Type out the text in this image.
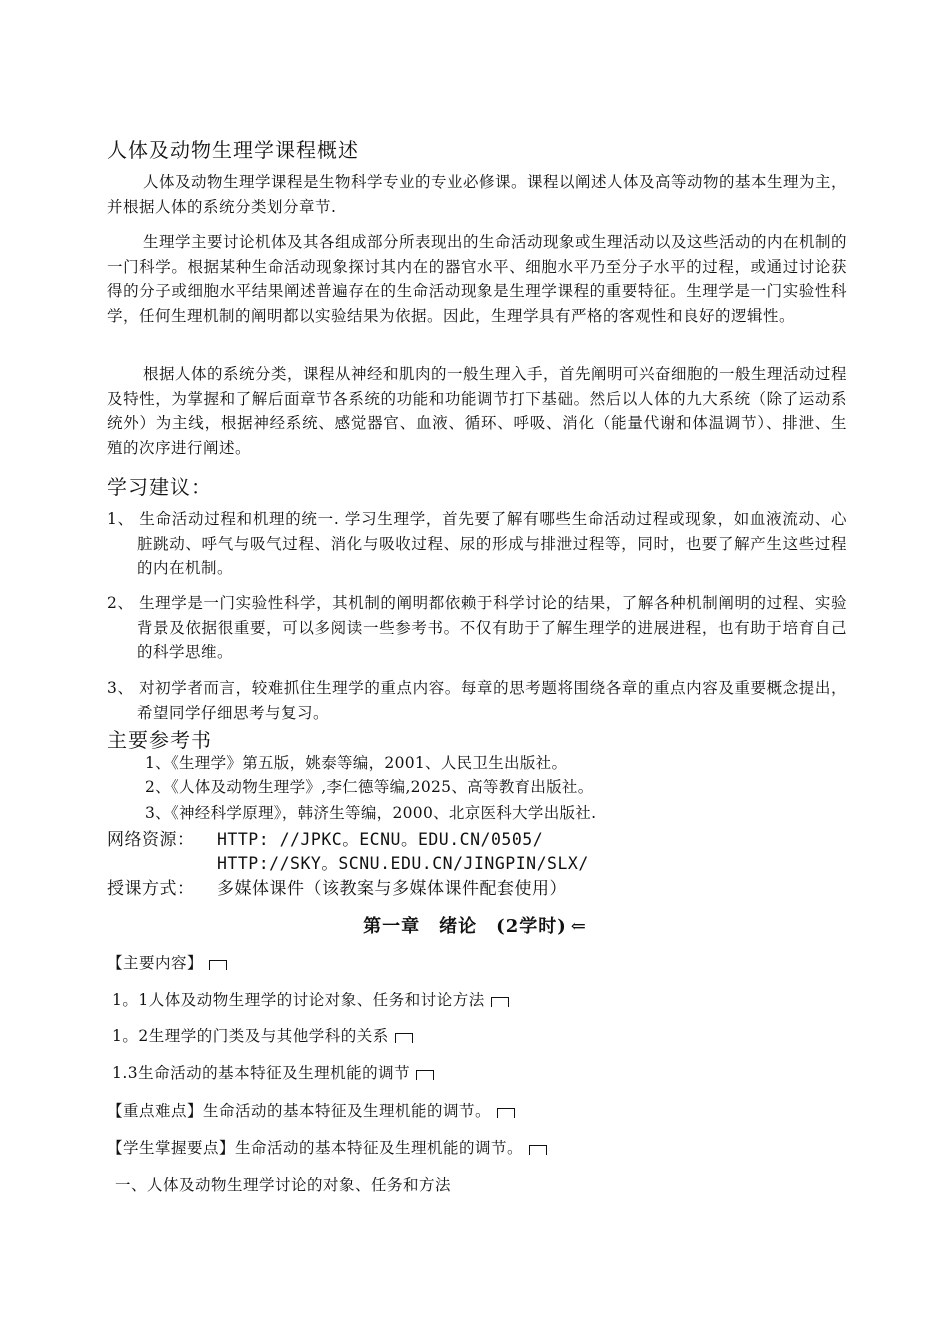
人体及动物生理学课程概述
人体及动物生理学课程是生物科学专业的专业必修课。课程以阐述人体及高等动物的基本生理为主，并根据人体的系统分类划分章节.
生理学主要讨论机体及其各组成部分所表现出的生命活动现象或生理活动以及这些活动的内在机制的一门科学。根据某种生命活动现象探讨其内在的器官水平、细胞水平乃至分子水平的过程，或通过讨论获得的分子或细胞水平结果阐述普遍存在的生命活动现象是生理学课程的重要特征。生理学是一门实验性科学，任何生理机制的阐明都以实验结果为依据。因此，生理学具有严格的客观性和良好的逻辑性。
根据人体的系统分类，课程从神经和肌肉的一般生理入手，首先阐明可兴奋细胞的一般生理活动过程及特性，为掌握和了解后面章节各系统的功能和功能调节打下基础。然后以人体的九大系统（除了运动系统外）为主线，根据神经系统、感觉器官、血液、循环、呼吸、消化（能量代谢和体温调节）、排泄、生殖的次序进行阐述。
学习建议：
1、 生命活动过程和机理的统一. 学习生理学，首先要了解有哪些生命活动过程或现象，如血液流动、心脏跳动、呼气与吸气过程、消化与吸收过程、尿的形成与排泄过程等，同时，也要了解产生这些过程的内在机制。
2、 生理学是一门实验性科学，其机制的阐明都依赖于科学讨论的结果，了解各种机制阐明的过程、实验背景及依据很重要，可以多阅读一些参考书。不仅有助于了解生理学的进展进程，也有助于培育自己的科学思维。
3、 对初学者而言，较难抓住生理学的重点内容。每章的思考题将围绕各章的重点内容及重要概念提出，希望同学仔细思考与复习。
主要参考书
1、《生理学》第五版，姚泰等编，2001、人民卫生出版社。
2、《人体及动物生理学》,李仁德等编,2025、高等教育出版社。
3、《神经科学原理》，韩济生等编，2000、北京医科大学出版社.
网络资源： HTTP: //JPKC。ECNU。EDU.CN/0505/
HTTP://SKY。SCNU.EDU.CN/JINGPIN/SLX/
授课方式： 多媒体课件（该教案与多媒体课件配套使用）
第一章　绪论　(2学时) ⇐
【主要内容】
1。1人体及动物生理学的讨论对象、任务和讨论方法
1。2生理学的门类及与其他学科的关系
1.3生命活动的基本特征及生理机能的调节
【重点难点】生命活动的基本特征及生理机能的调节。
【学生掌握要点】生命活动的基本特征及生理机能的调节。
一、人体及动物生理学讨论的对象、任务和方法
